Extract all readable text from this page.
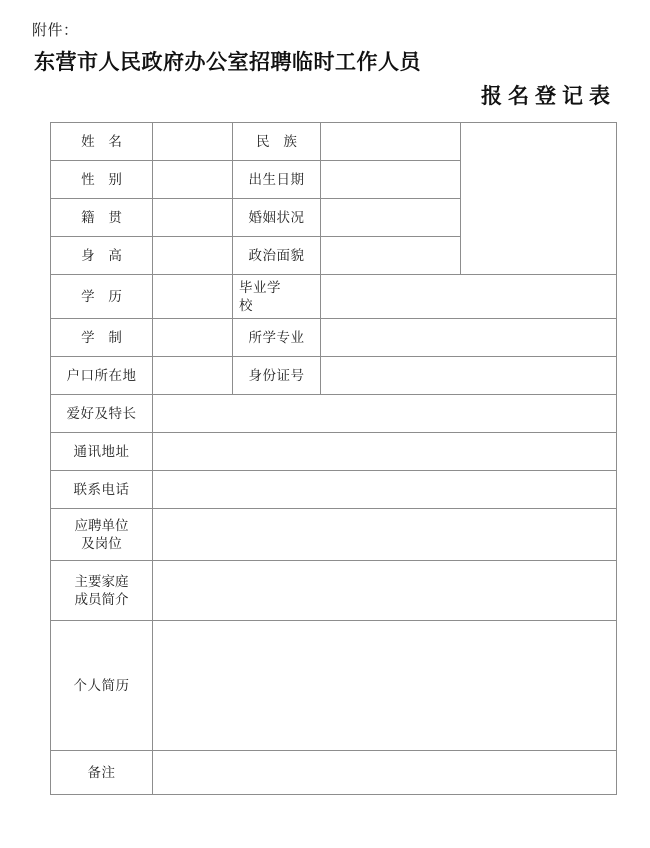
附件：
东营市人民政府办公室招聘临时工作人员
报名登记表
姓 名		民 族		
性 别		出生日期		
籍 贯		婚姻状况		
身 高		政治面貌		
学 历		毕业学
校		

学 制		所学专业		
户口所在地		身份证号		
爱好及特长				
通讯地址				
联系电话				

应聘单位
及岗位				

主要家庭
成员简介				

个人简历				
备注				
